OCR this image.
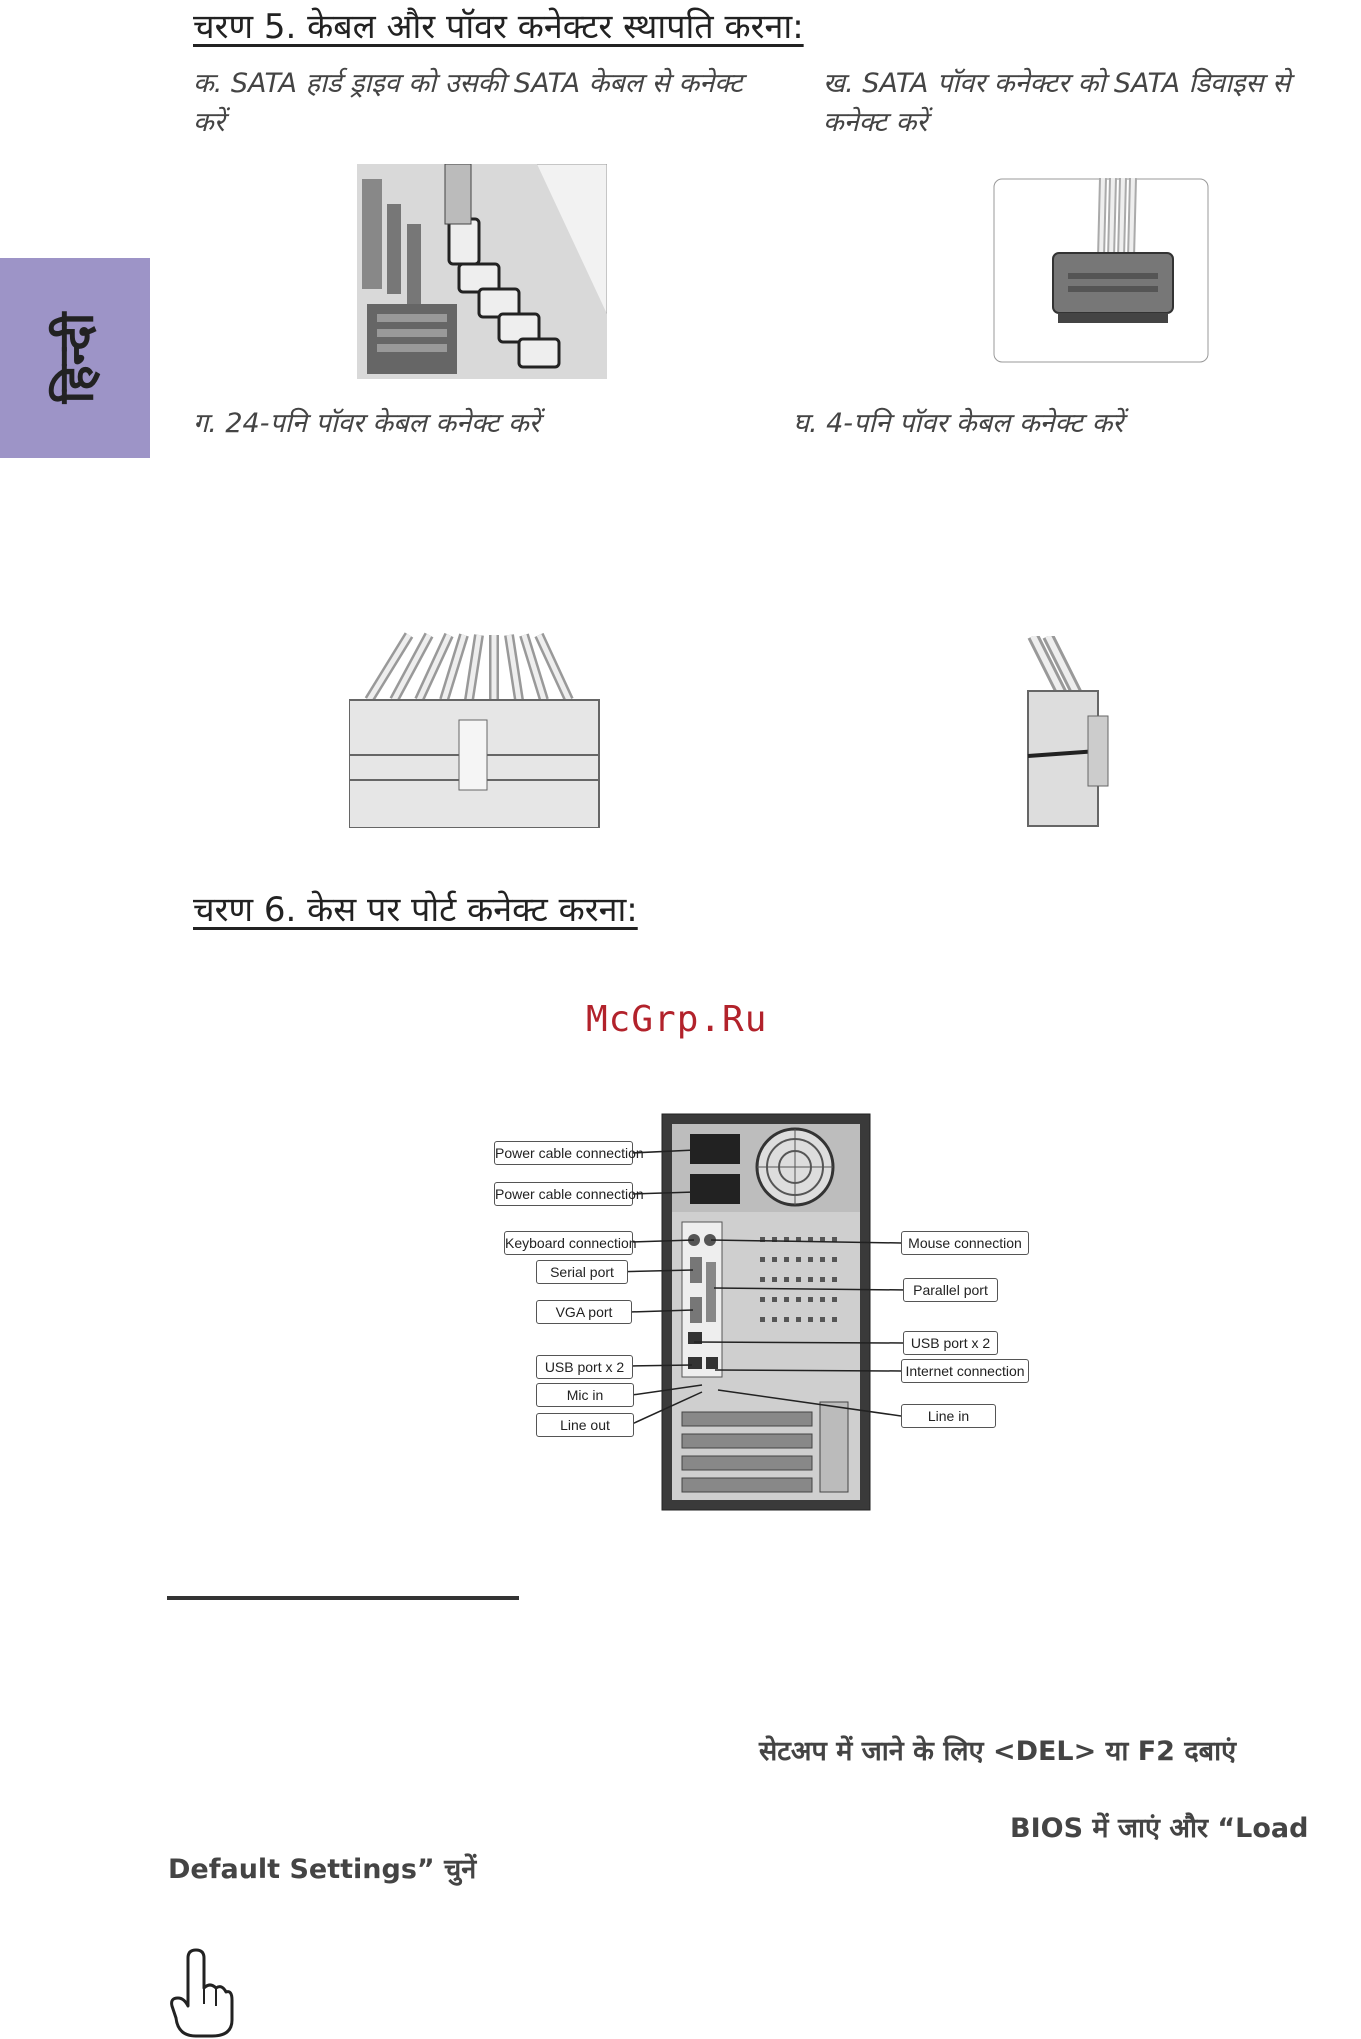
हिन्दी
चरण 5. केबल और पॉवर कनेक्टर स्थापति करना:
क. SATA हार्ड ड्राइव को उसकी SATA केबल से कनेक्ट करें
ख. SATA पॉवर कनेक्टर को SATA डिवाइस से कनेक्ट करें
ग. 24-पनि पॉवर केबल कनेक्ट करें	घ. 4-पनि पॉवर केबल कनेक्ट करें
चरण 6. केस पर पोर्ट कनेक्ट करना:
McGrp.Ru
Power cable connection
Power cable connection
Keyboard connection
Serial port
VGA port
USB port x 2
Mic in
Line out
Mouse connection
Parallel port
USB port x 2
Internet connection
Line in
सेटअप में जाने के लिए <DEL> या F2 दबाएं
BIOS में जाएं और “Load
Default Settings” चुनें
